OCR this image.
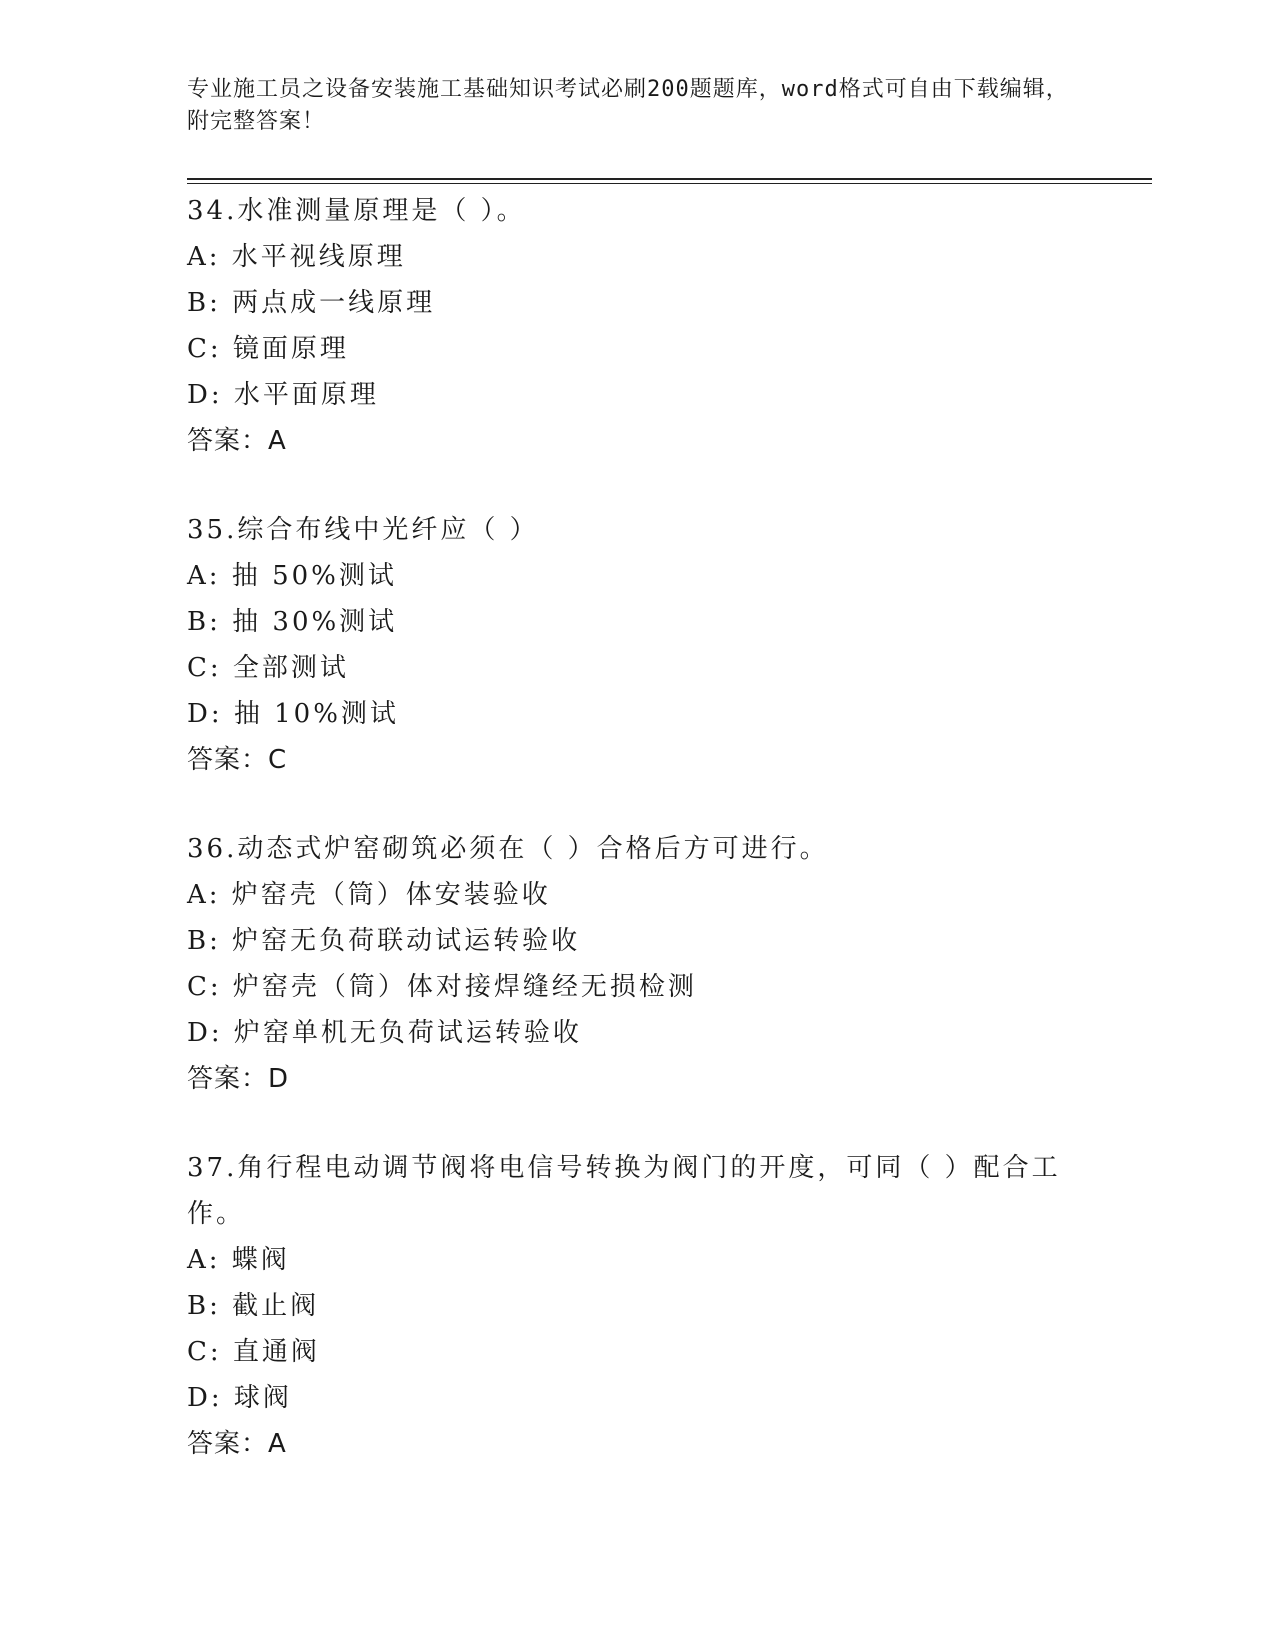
专业施工员之设备安装施工基础知识考试必刷200题题库，word格式可自由下载编辑，附完整答案！
34.水准测量原理是（ ）。
A: 水平视线原理
B: 两点成一线原理
C: 镜面原理
D: 水平面原理
答案：A
35.综合布线中光纤应（ ）
A: 抽 50%测试
B: 抽 30%测试
C: 全部测试
D: 抽 10%测试
答案：C
36.动态式炉窑砌筑必须在（ ）合格后方可进行。
A: 炉窑壳（筒）体安装验收
B: 炉窑无负荷联动试运转验收
C: 炉窑壳（筒）体对接焊缝经无损检测
D: 炉窑单机无负荷试运转验收
答案：D
37.角行程电动调节阀将电信号转换为阀门的开度，可同（ ）配合工作。
A: 蝶阀
B: 截止阀
C: 直通阀
D: 球阀
答案：A
